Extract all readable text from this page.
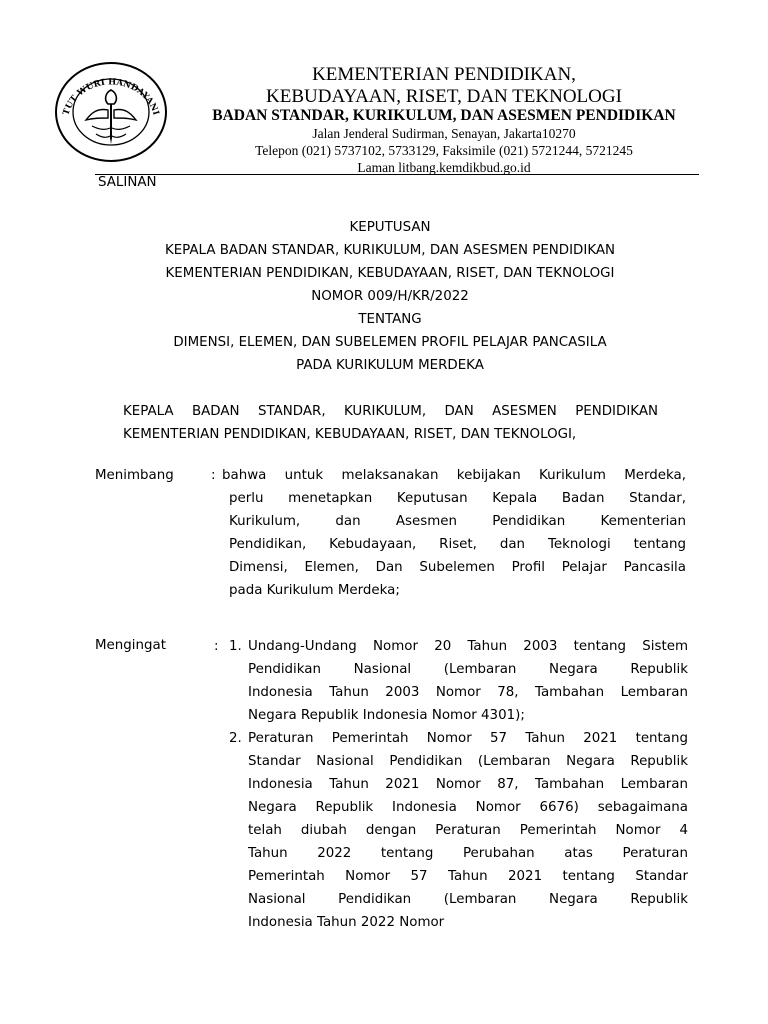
TUT WURI HANDAYANI
KEMENTERIAN PENDIDIKAN,
KEBUDAYAAN, RISET, DAN TEKNOLOGI
BADAN STANDAR, KURIKULUM, DAN ASESMEN PENDIDIKAN
Jalan Jenderal Sudirman, Senayan, Jakarta10270
Telepon (021) 5737102, 5733129, Faksimile (021) 5721244, 5721245
Laman litbang.kemdikbud.go.id
SALINAN
KEPUTUSAN
KEPALA BADAN STANDAR, KURIKULUM, DAN ASESMEN PENDIDIKAN
KEMENTERIAN PENDIDIKAN, KEBUDAYAAN, RISET, DAN TEKNOLOGI
NOMOR 009/H/KR/2022
TENTANG
DIMENSI, ELEMEN, DAN SUBELEMEN PROFIL PELAJAR PANCASILA
PADA KURIKULUM MERDEKA
KEPALA BADAN STANDAR, KURIKULUM, DAN ASESMEN PENDIDIKAN
KEMENTERIAN PENDIDIKAN, KEBUDAYAAN, RISET, DAN TEKNOLOGI,
Menimbang	: bahwa untuk melaksanakan kebijakan Kurikulum Merdeka,
perlu menetapkan Keputusan Kepala Badan Standar,
Kurikulum, dan Asesmen Pendidikan Kementerian
Pendidikan, Kebudayaan, Riset, dan Teknologi tentang
Dimensi, Elemen, Dan Subelemen Profil Pelajar Pancasila
pada Kurikulum Merdeka;
Mengingat	: 1. Undang-Undang Nomor 20 Tahun 2003 tentang Sistem
Pendidikan Nasional (Lembaran Negara Republik
Indonesia Tahun 2003 Nomor 78, Tambahan Lembaran
Negara Republik Indonesia Nomor 4301);
2. Peraturan Pemerintah Nomor 57 Tahun 2021 tentang
Standar Nasional Pendidikan (Lembaran Negara Republik
Indonesia Tahun 2021 Nomor 87, Tambahan Lembaran
Negara Republik Indonesia Nomor 6676) sebagaimana
telah diubah dengan Peraturan Pemerintah Nomor 4
Tahun 2022 tentang Perubahan atas Peraturan
Pemerintah Nomor 57 Tahun 2021 tentang Standar
Nasional Pendidikan (Lembaran Negara Republik
Indonesia Tahun 2022 Nomor
